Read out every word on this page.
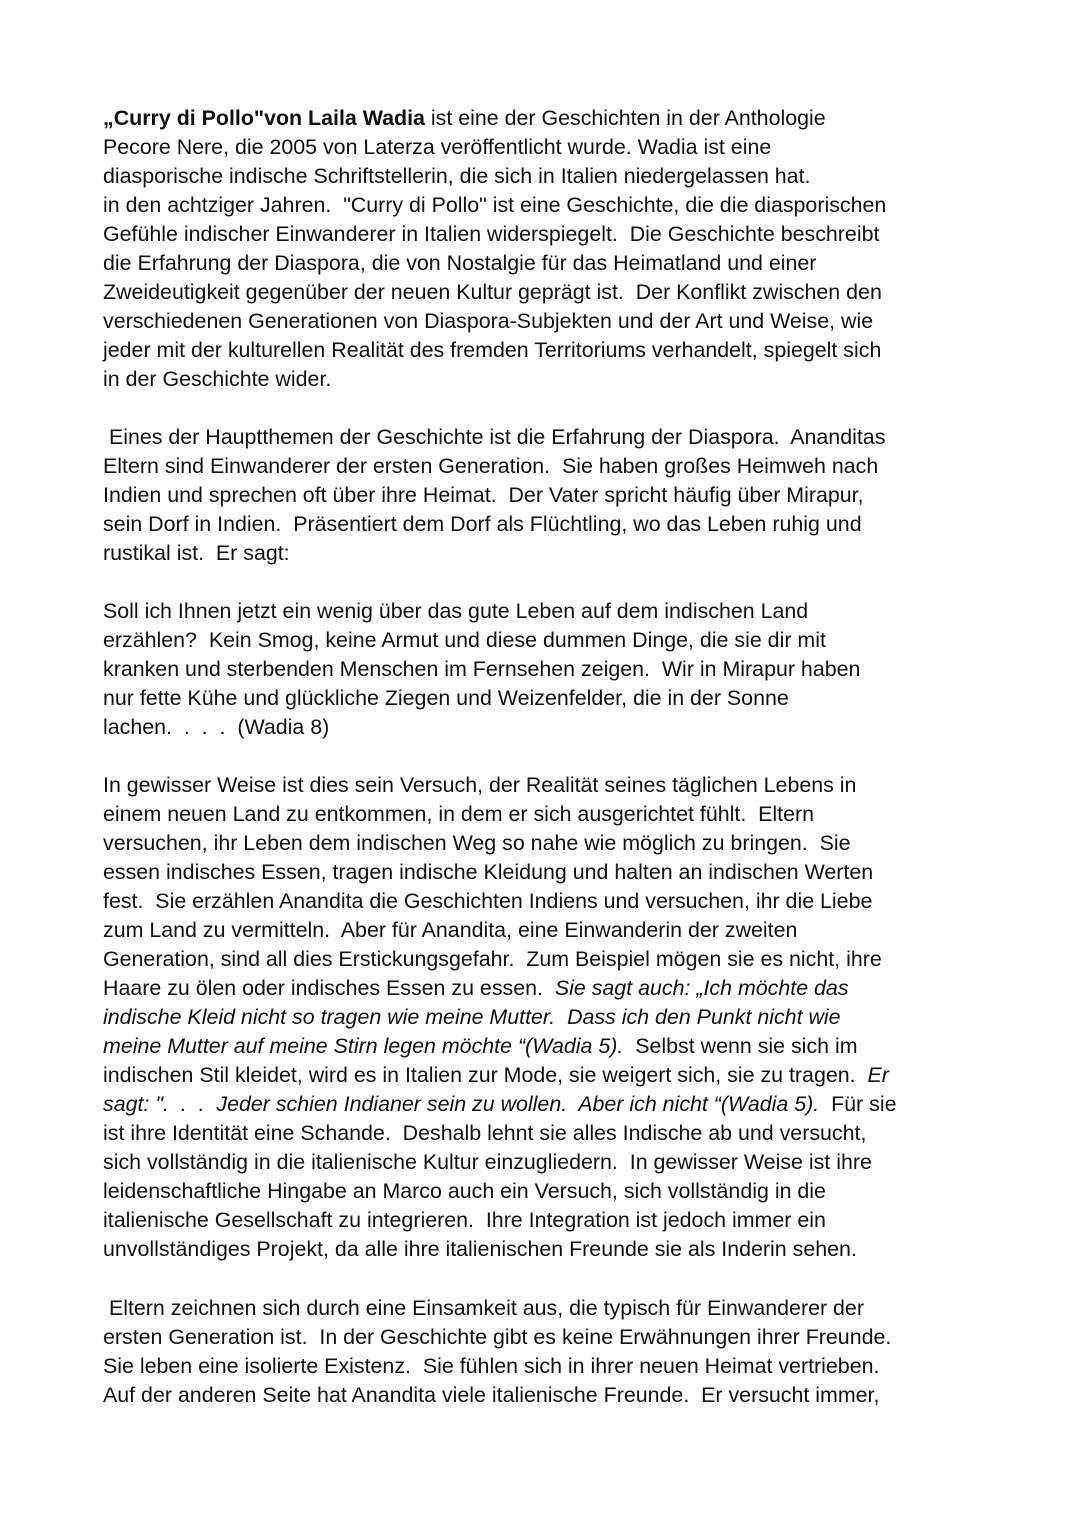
„Curry di Pollo"von Laila Wadia ist eine der Geschichten in der Anthologie
Pecore Nere, die 2005 von Laterza veröffentlicht wurde. Wadia ist eine
diasporische indische Schriftstellerin, die sich in Italien niedergelassen hat.
in den achtziger Jahren.  "Curry di Pollo" ist eine Geschichte, die die diasporischen
Gefühle indischer Einwanderer in Italien widerspiegelt.  Die Geschichte beschreibt
die Erfahrung der Diaspora, die von Nostalgie für das Heimatland und einer
Zweideutigkeit gegenüber der neuen Kultur geprägt ist.  Der Konflikt zwischen den
verschiedenen Generationen von Diaspora-Subjekten und der Art und Weise, wie
jeder mit der kulturellen Realität des fremden Territoriums verhandelt, spiegelt sich
in der Geschichte wider.
Eines der Hauptthemen der Geschichte ist die Erfahrung der Diaspora.  Ananditas
Eltern sind Einwanderer der ersten Generation.  Sie haben großes Heimweh nach
Indien und sprechen oft über ihre Heimat.  Der Vater spricht häufig über Mirapur,
sein Dorf in Indien.  Präsentiert dem Dorf als Flüchtling, wo das Leben ruhig und
rustikal ist.  Er sagt:
Soll ich Ihnen jetzt ein wenig über das gute Leben auf dem indischen Land
erzählen?  Kein Smog, keine Armut und diese dummen Dinge, die sie dir mit
kranken und sterbenden Menschen im Fernsehen zeigen.  Wir in Mirapur haben
nur fette Kühe und glückliche Ziegen und Weizenfelder, die in der Sonne
lachen.  .  .  .  (Wadia 8)
In gewisser Weise ist dies sein Versuch, der Realität seines täglichen Lebens in
einem neuen Land zu entkommen, in dem er sich ausgerichtet fühlt.  Eltern
versuchen, ihr Leben dem indischen Weg so nahe wie möglich zu bringen.  Sie
essen indisches Essen, tragen indische Kleidung und halten an indischen Werten
fest.  Sie erzählen Anandita die Geschichten Indiens und versuchen, ihr die Liebe
zum Land zu vermitteln.  Aber für Anandita, eine Einwanderin der zweiten
Generation, sind all dies Erstickungsgefahr.  Zum Beispiel mögen sie es nicht, ihre
Haare zu ölen oder indisches Essen zu essen.  Sie sagt auch: „Ich möchte das
indische Kleid nicht so tragen wie meine Mutter.  Dass ich den Punkt nicht wie
meine Mutter auf meine Stirn legen möchte “(Wadia 5).  Selbst wenn sie sich im
indischen Stil kleidet, wird es in Italien zur Mode, sie weigert sich, sie zu tragen.  Er
sagt: ".  .  .  Jeder schien Indianer sein zu wollen.  Aber ich nicht “(Wadia 5).  Für sie
ist ihre Identität eine Schande.  Deshalb lehnt sie alles Indische ab und versucht,
sich vollständig in die italienische Kultur einzugliedern.  In gewisser Weise ist ihre
leidenschaftliche Hingabe an Marco auch ein Versuch, sich vollständig in die
italienische Gesellschaft zu integrieren.  Ihre Integration ist jedoch immer ein
unvollständiges Projekt, da alle ihre italienischen Freunde sie als Inderin sehen.
Eltern zeichnen sich durch eine Einsamkeit aus, die typisch für Einwanderer der
ersten Generation ist.  In der Geschichte gibt es keine Erwähnungen ihrer Freunde.
Sie leben eine isolierte Existenz.  Sie fühlen sich in ihrer neuen Heimat vertrieben.
Auf der anderen Seite hat Anandita viele italienische Freunde.  Er versucht immer,
